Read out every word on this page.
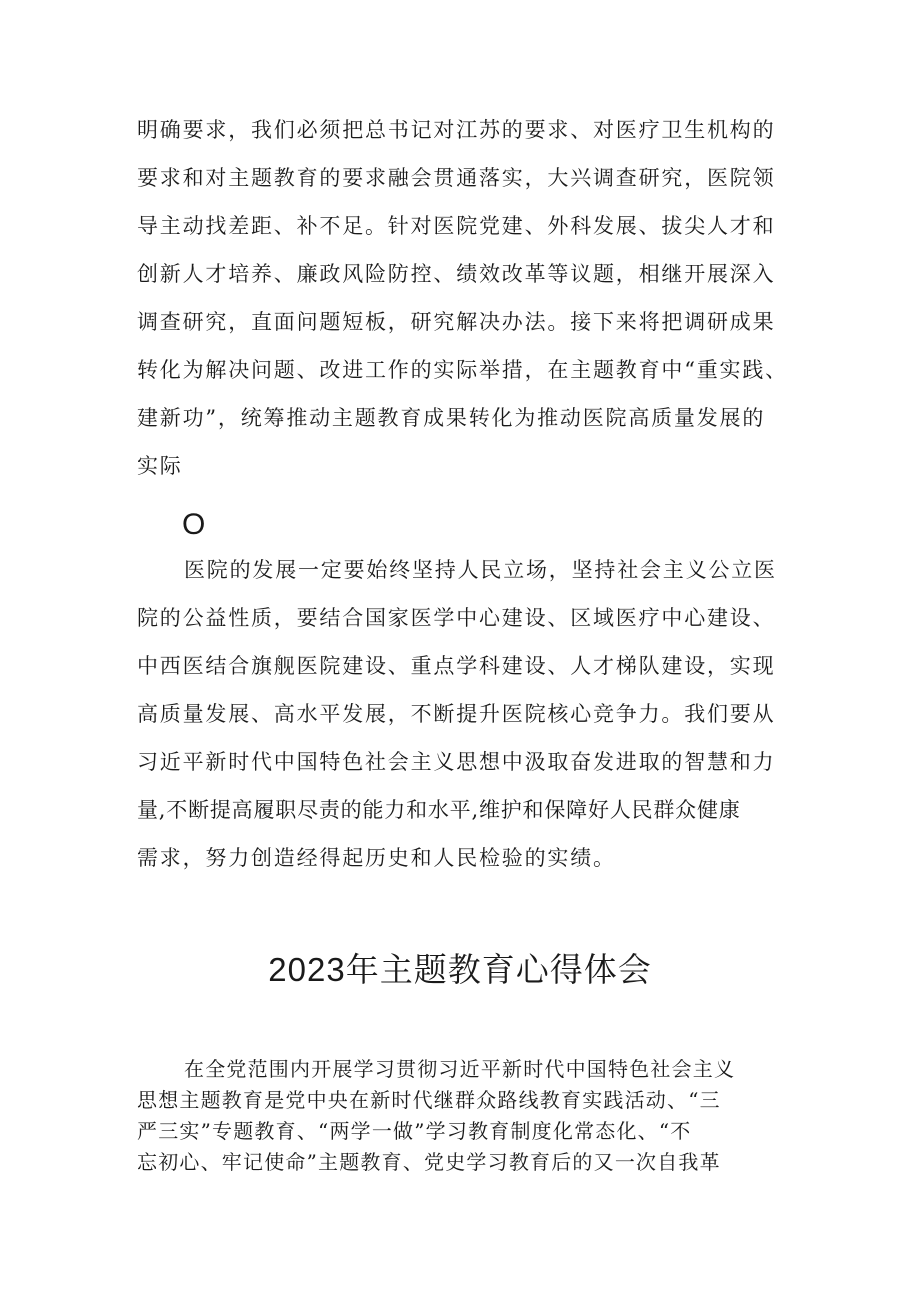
明确要求，我们必须把总书记对江苏的要求、对医疗卫生机构的
要求和对主题教育的要求融会贯通落实，大兴调查研究，医院领
导主动找差距、补不足。针对医院党建、外科发展、拔尖人才和
创新人才培养、廉政风险防控、绩效改革等议题，相继开展深入
调查研究，直面问题短板，研究解决办法。接下来将把调研成果
转化为解决问题、改进工作的实际举措，在主题教育中“重实践、
建新功”，统筹推动主题教育成果转化为推动医院高质量发展的
实际
O
医院的发展一定要始终坚持人民立场，坚持社会主义公立医
院的公益性质，要结合国家医学中心建设、区域医疗中心建设、
中西医结合旗舰医院建设、重点学科建设、人才梯队建设，实现
高质量发展、高水平发展，不断提升医院核心竞争力。我们要从
习近平新时代中国特色社会主义思想中汲取奋发进取的智慧和力
量,不断提高履职尽责的能力和水平,维护和保障好人民群众健康
需求，努力创造经得起历史和人民检验的实绩。
2023年主题教育心得体会
在全党范围内开展学习贯彻习近平新时代中国特色社会主义
思想主题教育是党中央在新时代继群众路线教育实践活动、“三
严三实”专题教育、“两学一做”学习教育制度化常态化、“不
忘初心、牢记使命”主题教育、党史学习教育后的又一次自我革
